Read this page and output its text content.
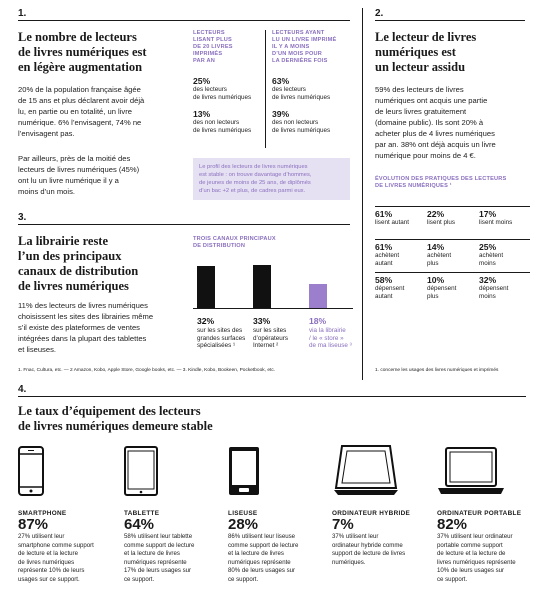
1.
Le nombre de lecteurs
de livres numériques est
en légère augmentation
20% de la population française âgée
de 15 ans et plus déclarent avoir déjà
lu, en partie ou en totalité, un livre
numérique. 6% l’envisagent, 74% ne
l’envisagent pas.
Par ailleurs, près de la moitié des
lecteurs de livres numériques (45%)
ont lu un livre numérique il y a
moins d’un mois.
LECTEURS
LISANT PLUS
DE 20 LIVRES
IMPRIMÉS
PAR AN
25%
des lecteurs
de livres numériques
13%
des non lecteurs
de livres numériques
LECTEURS AYANT
LU UN LIVRE IMPRIMÉ
IL Y A MOINS
D’UN MOIS POUR
LA DERNIÈRE FOIS
63%
des lecteurs
de livres numériques
39%
des non lecteurs
de livres numériques
Le profil des lecteurs de livres numériques
est stable : on trouve davantage d’hommes,
de jeunes de moins de 25 ans, de diplômés
d’un bac +2 et plus, de cadres parmi eux.
2.
Le lecteur de livres
numériques est
un lecteur assidu
59% des lecteurs de livres
numériques ont acquis une partie
de leurs livres gratuitement
(domaine public). Ils sont 20% à
acheter plus de 4 livres numériques
par an. 38% ont déjà acquis un livre
numérique pour moins de 4 €.
ÉVOLUTION DES PRATIQUES DES LECTEURS
DE LIVRES NUMÉRIQUES ¹
61%
lisent autant
22%
lisent plus
17%
lisent moins
61%
achètent
autant
14%
achètent
plus
25%
achètent
moins
58%
dépensent
autant
10%
dépensent
plus
32%
dépensent
moins
1. concerne les usages des livres numériques et imprimés
3.
La librairie reste
l’un des principaux
canaux de distribution
de livres numériques
11% des lecteurs de livres numériques
choisissent les sites des librairies même
s’il existe des plateformes de ventes
intégrées dans la plupart des tablettes
et liseuses.
TROIS CANAUX PRINCIPAUX
DE DISTRIBUTION
32%
sur les sites des
grandes surfaces
spécialisées ¹
33%
sur les sites
d’opérateurs
Internet ²
18%
via la librairie
/ le « store »
de ma liseuse ³
1. Fnac, Cultura, etc. — 2 Amazon, Kobo, Apple Store, Google books, etc. — 3. Kindle, Kobo, Bookeen, Pocketbook, etc.
4.
Le taux d’équipement des lecteurs
de livres numériques demeure stable
SMARTPHONE
87%
27% utilisent leur
smartphone comme support
de lecture et la lecture
de livres numériques
représente 10% de leurs
usages sur ce support.
TABLETTE
64%
58% utilisent leur tablette
comme support de lecture
et la lecture de livres
numériques représente
17% de leurs usages sur
ce support.
LISEUSE
28%
86% utilisent leur liseuse
comme support de lecture
et la lecture de livres
numériques représente
80% de leurs usages sur
ce support.
ORDINATEUR HYBRIDE
7%
37% utilisent leur
ordinateur hybride comme
support de lecture de livres
numériques.
ORDINATEUR PORTABLE
82%
37% utilisent leur ordinateur
portable comme support
de lecture et la lecture de
livres numériques représente
10% de leurs usages sur
ce support.
